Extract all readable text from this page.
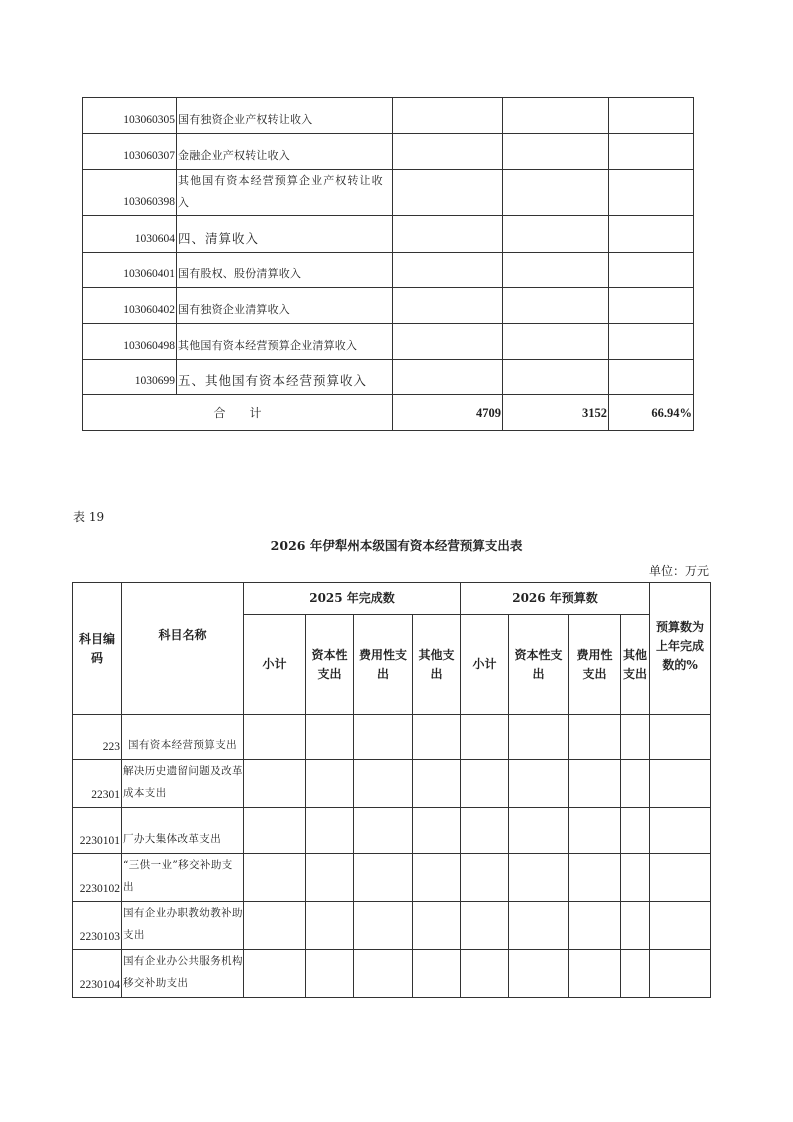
103060305	国有独资企业产权转让收入			
103060307	金融企业产权转让收入			
103060398	其他国有资本经营预算企业产权转让收入			
1030604	四、清算收入			
103060401	国有股权、股份清算收入			
103060402	国有独资企业清算收入			
103060498	其他国有资本经营预算企业清算收入			
1030699	五、其他国有资本经营预算收入			
合　　计		4709	3152	66.94%
表 19
2026 年伊犁州本级国有资本经营预算支出表
单位：万元
科目编码	科目名称	2025 年完成数				2026 年预算数				预算数为上年完成数的%
		小计	资本性支出	费用性支出	其他支出	小计	资本性支出	费用性支出	其他支出	
223	国有资本经营预算支出									
22301	解决历史遗留问题及改革成本支出									
2230101	厂办大集体改革支出									
2230102	“三供一业”移交补助支出									
2230103	国有企业办职教幼教补助支出									
2230104	国有企业办公共服务机构移交补助支出									
